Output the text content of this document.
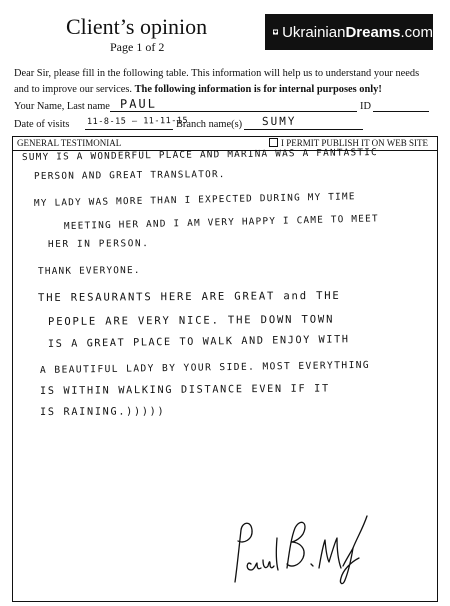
Client’s opinion
Page 1 of 2
Ukrainian Dreams .com
Dear Sir, please fill in the following table. This information will help us to understand your needs and to improve our services. The following information is for internal purposes only!
Your Name, Last name PAUL	ID
Date of visits 11-8-15 — 11-11-15
Branch name(s) SUMY
GENERAL TESTIMONIAL	I PERMIT PUBLISH IT ON WEB SITE
SUMY IS A WONDERFUL PLACE AND MARINA WAS A FANTASTIC
PERSON AND GREAT TRANSLATOR.
MY LADY WAS MORE THAN I EXPECTED DURING MY TIME
MEETING HER AND I AM VERY HAPPY I CAME TO MEET
HER IN PERSON.
THANK EVERYONE.
THE RESAURANTS HERE ARE GREAT and THE
PEOPLE ARE VERY NICE. THE DOWN TOWN
IS A GREAT PLACE TO WALK AND ENJOY WITH
A BEAUTIFUL LADY BY YOUR SIDE. MOST EVERYTHING
IS WITHIN WALKING DISTANCE EVEN IF IT
IS RAINING.)))))
